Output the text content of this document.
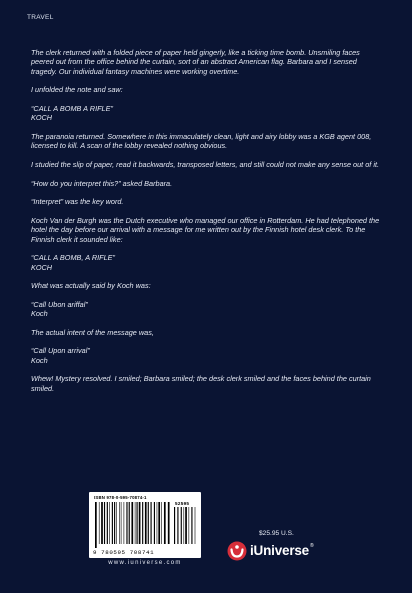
TRAVEL

The clerk returned with a folded piece of paper held gingerly, like a ticking time bomb. Unsmiling faces peered out from the office behind the curtain, sort of an abstract American flag. Barbara and I sensed tragedy. Our individual fantasy machines were working overtime.

I unfolded the note and saw:

“CALL A BOMB A RIFLE”

KOCH

The paranoia returned. Somewhere in this immaculately clean, light and airy lobby was a KGB agent 008, licensed to kill. A scan of the lobby revealed nothing obvious.

I studied the slip of paper, read it backwards, transposed letters, and still could not make any sense out of it.

“How do you interpret this?” asked Barbara.

“Interpret” was the key word.

Koch Van der Burgh was the Dutch executive who managed our office in Rotterdam. He had telephoned the hotel the day before our arrival with a message for me written out by the Finnish hotel desk clerk. To the Finnish clerk it sounded like:

“CALL A BOMB, A RIFLE”

KOCH

What was actually said by Koch was:

“Call Ubon ariffal”

Koch

The actual intent of the message was,

“Call Upon arrival”

Koch

Whew! Mystery resolved. I smiled; Barbara smiled; the desk clerk smiled and the faces behind the curtain smiled.

ISBN 978-0-595-70874-1
52595
9 780595 708741
www.iuniverse.com
$25.95 U.S.
iUniverse®
